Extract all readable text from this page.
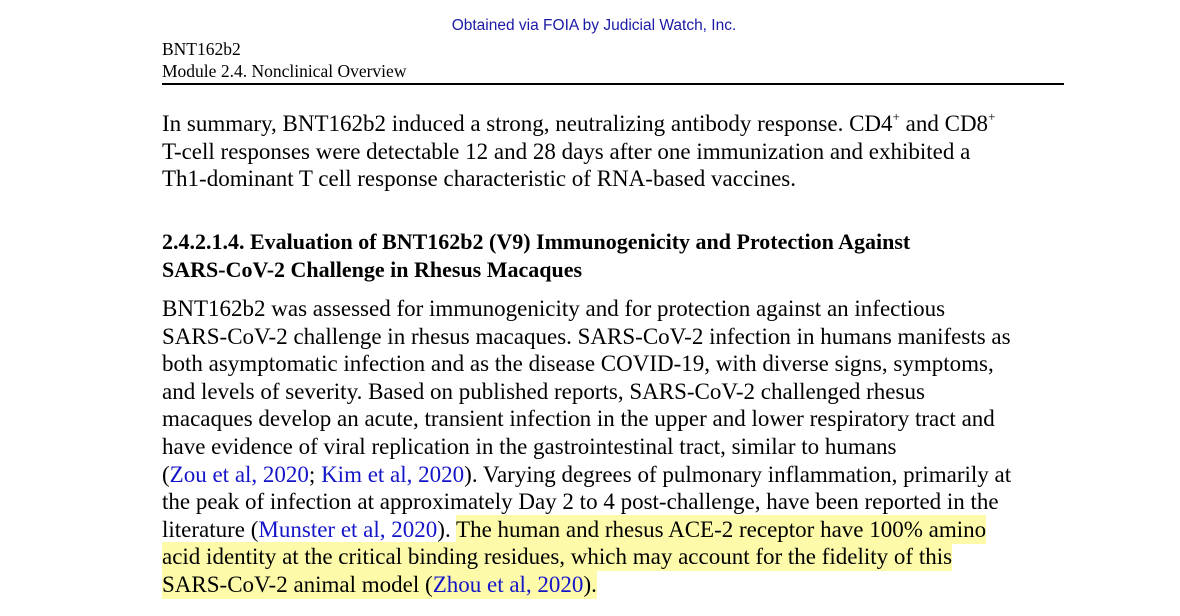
Obtained via FOIA by Judicial Watch, Inc.
BNT162b2
Module 2.4. Nonclinical Overview
In summary, BNT162b2 induced a strong, neutralizing antibody response. CD4+ and CD8+
T-cell responses were detectable 12 and 28 days after one immunization and exhibited a
Th1-dominant T cell response characteristic of RNA-based vaccines.
2.4.2.1.4. Evaluation of BNT162b2 (V9) Immunogenicity and Protection Against
SARS-CoV-2 Challenge in Rhesus Macaques
BNT162b2 was assessed for immunogenicity and for protection against an infectious
SARS-CoV-2 challenge in rhesus macaques. SARS-CoV-2 infection in humans manifests as
both asymptomatic infection and as the disease COVID-19, with diverse signs, symptoms,
and levels of severity. Based on published reports, SARS-CoV-2 challenged rhesus
macaques develop an acute, transient infection in the upper and lower respiratory tract and
have evidence of viral replication in the gastrointestinal tract, similar to humans
(Zou et al, 2020; Kim et al, 2020). Varying degrees of pulmonary inflammation, primarily at
the peak of infection at approximately Day 2 to 4 post-challenge, have been reported in the
literature (Munster et al, 2020). The human and rhesus ACE-2 receptor have 100% amino
acid identity at the critical binding residues, which may account for the fidelity of this
SARS-CoV-2 animal model (Zhou et al, 2020).
